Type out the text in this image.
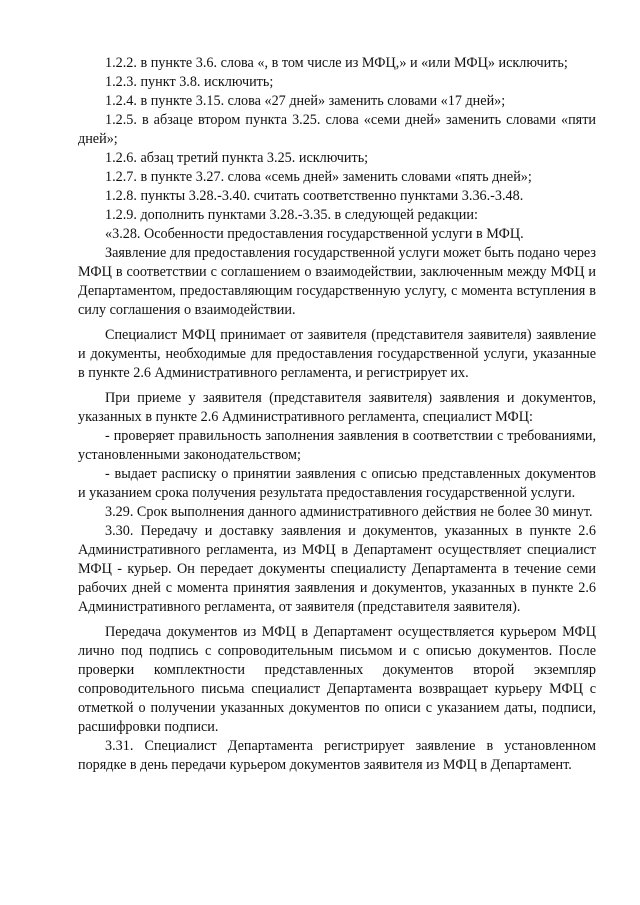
1.2.2. в пункте 3.6. слова «, в том числе из МФЦ,» и «или МФЦ» исключить;

1.2.3. пункт 3.8. исключить;

1.2.4. в пункте 3.15. слова «27 дней» заменить словами «17 дней»;

1.2.5. в абзаце втором пункта 3.25. слова «семи дней» заменить словами «пяти дней»;

1.2.6. абзац третий пункта 3.25. исключить;

1.2.7. в пункте 3.27. слова «семь дней» заменить словами «пять дней»;

1.2.8. пункты 3.28.-3.40. считать соответственно пунктами 3.36.-3.48.

1.2.9. дополнить пунктами 3.28.-3.35. в следующей редакции:

«3.28. Особенности предоставления государственной услуги в МФЦ.

Заявление для предоставления государственной услуги может быть подано через МФЦ в соответствии с соглашением о взаимодействии, заключенным между МФЦ и Департаментом, предоставляющим государственную услугу, с момента вступления в силу соглашения о взаимодействии.

Специалист МФЦ принимает от заявителя (представителя заявителя) заявление и документы, необходимые для предоставления государственной услуги, указанные в пункте 2.6 Административного регламента, и регистрирует их.

При приеме у заявителя (представителя заявителя) заявления и документов, указанных в пункте 2.6 Административного регламента, специалист МФЦ:

- проверяет правильность заполнения заявления в соответствии с требованиями, установленными законодательством;

- выдает расписку о принятии заявления с описью представленных документов и указанием срока получения результата предоставления государственной услуги.

3.29. Срок выполнения данного административного действия не более 30 минут.

3.30. Передачу и доставку заявления и документов, указанных в пункте 2.6 Административного регламента, из МФЦ в Департамент осуществляет специалист МФЦ - курьер. Он передает документы специалисту Департамента в течение семи рабочих дней с момента принятия заявления и документов, указанных в пункте 2.6 Административного регламента, от заявителя (представителя заявителя).

Передача документов из МФЦ в Департамент осуществляется курьером МФЦ лично под подпись с сопроводительным письмом и с описью документов. После проверки комплектности представленных документов второй экземпляр сопроводительного письма специалист Департамента возвращает курьеру МФЦ с отметкой о получении указанных документов по описи с указанием даты, подписи, расшифровки подписи.

3.31. Специалист Департамента регистрирует заявление в установленном порядке в день передачи курьером документов заявителя из МФЦ в Департамент.
